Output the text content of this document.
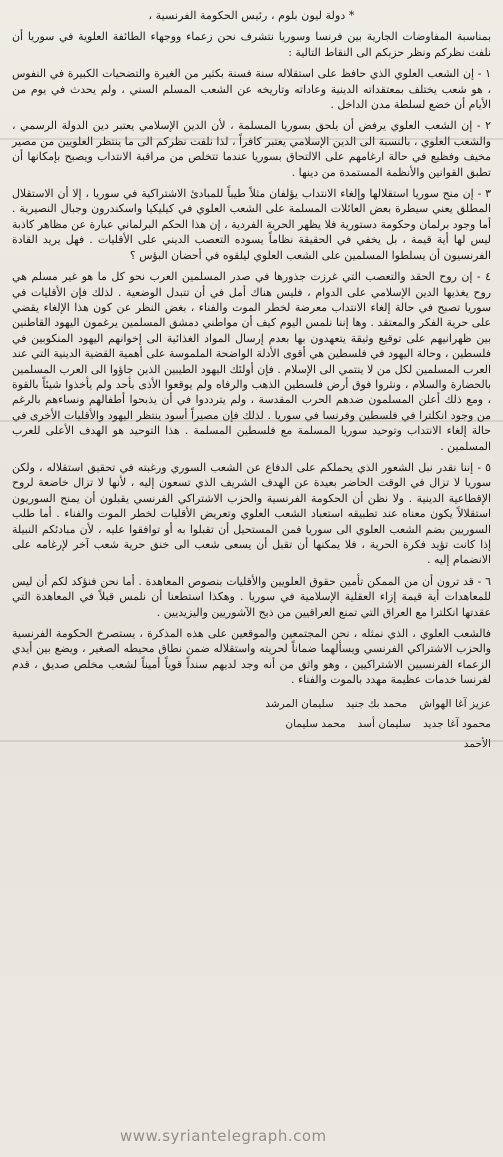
* دولة ليون بلوم ، رئيس الحكومة الفرنسية ،

بمناسبة المفاوضات الجارية بين فرنسا وسوريا نتشرف نحن زعماء ووجهاء الطائفة العلوية في سوريا أن نلفت نظركم ونظر حزبكم الى النقاط التالية :

١ - إن الشعب العلوي الذي حافظ على استقلاله سنة فسنة بكثير من الغيرة والتضحيات الكبيرة في النفوس ، هو شعب يختلف بمعتقداته الدينية وعاداته وتاريخه عن الشعب المسلم السني ، ولم يحدث في يوم من الأيام أن خضع لسلطة مدن الداخل .

٢ - إن الشعب العلوي يرفض أن يلحق بسوريا المسلمة ، لأن الدين الإسلامي يعتبر دين الدولة الرسمي ، والشعب العلوي ، بالنسبة الى الدين الإسلامي يعتبر كافراً ، لذا نلفت نظركم الى ما ينتظر العلويين من مصير مخيف وفظيع في حالة ارغامهم على الالتحاق بسوريا عندما تتخلص من مراقبة الانتداب ويصبح بإمكانها أن تطبق القوانين والأنظمة المستمدة من دينها .

٣ - إن منح سوريا استقلالها وإلغاء الانتداب يؤلفان مثلاً طيباً للمبادئ الاشتراكية في سوريا ، إلا أن الاستقلال المطلق يعني سيطرة بعض العائلات المسلمة على الشعب العلوي في كيليكيا واسكندرون وجبال النصيرية . أما وجود برلمان وحكومة دستورية فلا يظهر الحرية الفردية ، إن هذا الحكم البرلماني عبارة عن مظاهر كاذبة ليس لها أية قيمة ، بل يخفي في الحقيقة نظاماً يسوده التعصب الديني على الأقليات . فهل يريد القادة الفرنسيون أن يسلطوا المسلمين على الشعب العلوي ليلقوه في أحضان البؤس ؟

٤ - إن روح الحقد والتعصب التي غرزت جذورها في صدر المسلمين العرب نحو كل ما هو غير مسلم هي روح يغذيها الدين الإسلامي على الدوام ، فليس هناك أمل في أن تتبدل الوضعية . لذلك فإن الأقليات في سوريا تصبح في حالة إلغاء الانتداب معرضة لخطر الموت والفناء ، بغض النظر عن كون هذا الإلغاء يقضي على حرية الفكر والمعتقد . وها إننا نلمس اليوم كيف أن مواطني دمشق المسلمين يرغمون اليهود القاطنين بين ظهرانيهم على توقيع وثيقة يتعهدون بها بعدم إرسال المواد الغذائية الى إخوانهم اليهود المنكوبين في فلسطين ، وحالة اليهود في فلسطين هي أقوى الأدلة الواضحة الملموسة على أهمية القضية الدينية التي عند العرب المسلمين لكل من لا ينتمي الى الإسلام . فإن أولئك اليهود الطيبين الذين جاؤوا الى العرب المسلمين بالحضارة والسلام ، ونثروا فوق أرض فلسطين الذهب والرفاه ولم يوقعوا الأذى بأحد ولم يأخذوا شيئاً بالقوة ، ومع ذلك أعلن المسلمون ضدهم الحرب المقدسة ، ولم يترددوا في أن يذبحوا أطفالهم ونساءهم بالرغم من وجود انكلترا في فلسطين وفرنسا في سوريا . لذلك فإن مصيراً أسود ينتظر اليهود والأقليات الأخرى في حالة إلغاء الانتداب وتوحيد سوريا المسلمة مع فلسطين المسلمة . هذا التوحيد هو الهدف الأعلى للعرب المسلمين .

٥ - إننا نقدر نبل الشعور الذي يحملكم على الدفاع عن الشعب السوري ورغبته في تحقيق استقلاله ، ولكن سوريا لا تزال في الوقت الحاضر بعيدة عن الهدف الشريف الذي تسعون إليه ، لأنها لا تزال خاضعة لروح الإقطاعية الدينية . ولا نظن أن الحكومة الفرنسية والحزب الاشتراكي الفرنسي يقبلون أن يمنح السوريون استقلالاً يكون معناه عند تطبيقه استعباد الشعب العلوي وتعريض الأقليات لخطر الموت والفناء . أما طلب السوريين بضم الشعب العلوي الى سوريا فمن المستحيل أن تقبلوا به أو توافقوا عليه ، لأن مبادئكم النبيلة إذا كانت تؤيد فكرة الحرية ، فلا يمكنها أن تقبل أن يسعى شعب الى خنق حرية شعب آخر لإرغامه على الانضمام إليه .

٦ - قد ترون أن من الممكن تأمين حقوق العلويين والأقليات بنصوص المعاهدة . أما نحن فنؤكد لكم أن ليس للمعاهدات أية قيمة إزاء العقلية الإسلامية في سوريا . وهكذا استطعنا أن نلمس قبلاً في المعاهدة التي عقدتها انكلترا مع العراق التي تمنع العراقيين من ذبح الآشوريين واليزيديين .

فالشعب العلوي ، الذي نمثله ، نحن المجتمعين والموقعين على هذه المذكرة ، يستصرخ الحكومة الفرنسية والحزب الاشتراكي الفرنسي ويسألهما ضماناً لحريته واستقلاله ضمن نطاق محيطه الصغير ، ويضع بين أيدي الزعماء الفرنسيين الاشتراكيين ، وهو واثق من أنه وجد لديهم سنداً قوياً أميناً لشعب مخلص صديق ، قدم لفرنسا خدمات عظيمة مهدد بالموت والفناء .

عزيز آغا الهواش
محمد بك جنيد
سليمان المرشد
محمود آغا جديد
سليمان أسد
محمد سليمان
الأحمد
www.syriantelegraph.com
